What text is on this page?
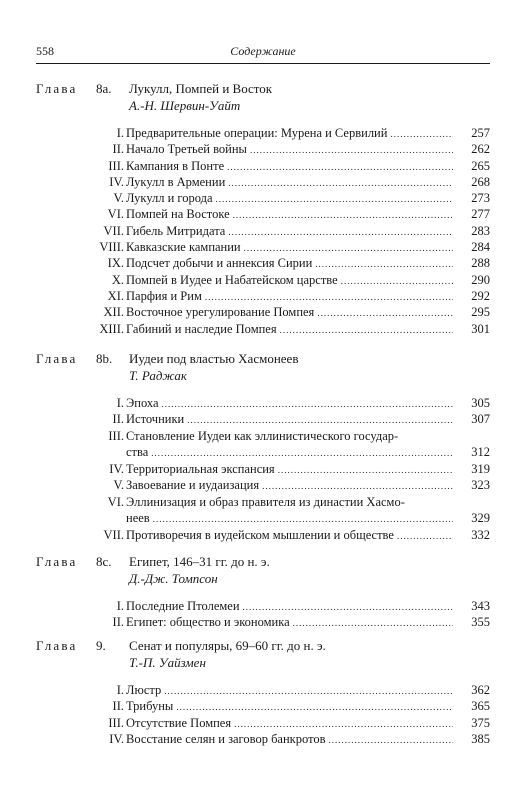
558	Содержание
Глава 8a. Лукулл, Помпей и Восток
А.-Н. Шервин-Уайт
I. Предварительные операции: Мурена и Сервилий .....	257
II. Начало Третьей войны .....	262
III. Кампания в Понте .....	265
IV. Лукулл в Армении .....	268
V. Лукулл и города .....	273
VI. Помпей на Востоке .....	277
VII. Гибель Митридата .....	283
VIII. Кавказские кампании .....	284
IX. Подсчет добычи и аннексия Сирии .....	288
X. Помпей в Иудее и Набатейском царстве .....	290
XI. Парфия и Рим .....	292
XII. Восточное урегулирование Помпея .....	295
XIII. Габиний и наследие Помпея .....	301
Глава 8b. Иудеи под властью Хасмонеев
Т. Раджак
I. Эпоха .....	305
II. Источники .....	307
III. Становление Иудеи как эллинистического государ-
ства .....	312
IV. Территориальная экспансия .....	319
V. Завоевание и иудаизация .....	323
VI. Эллинизация и образ правителя из династии Хасмо-
неев .....	329
VII. Противоречия в иудейском мышлении и обществе .....	332
Глава 8c. Египет, 146–31 гг. до н. э.
Д.-Дж. Томпсон
I. Последние Птолемеи .....	343
II. Египет: общество и экономика .....	355
Глава 9. Сенат и популяры, 69–60 гг. до н. э.
Т.-П. Уайзмен
I. Люстр .....	362
II. Трибуны .....	365
III. Отсутствие Помпея .....	375
IV. Восстание селян и заговор банкротов .....	385
